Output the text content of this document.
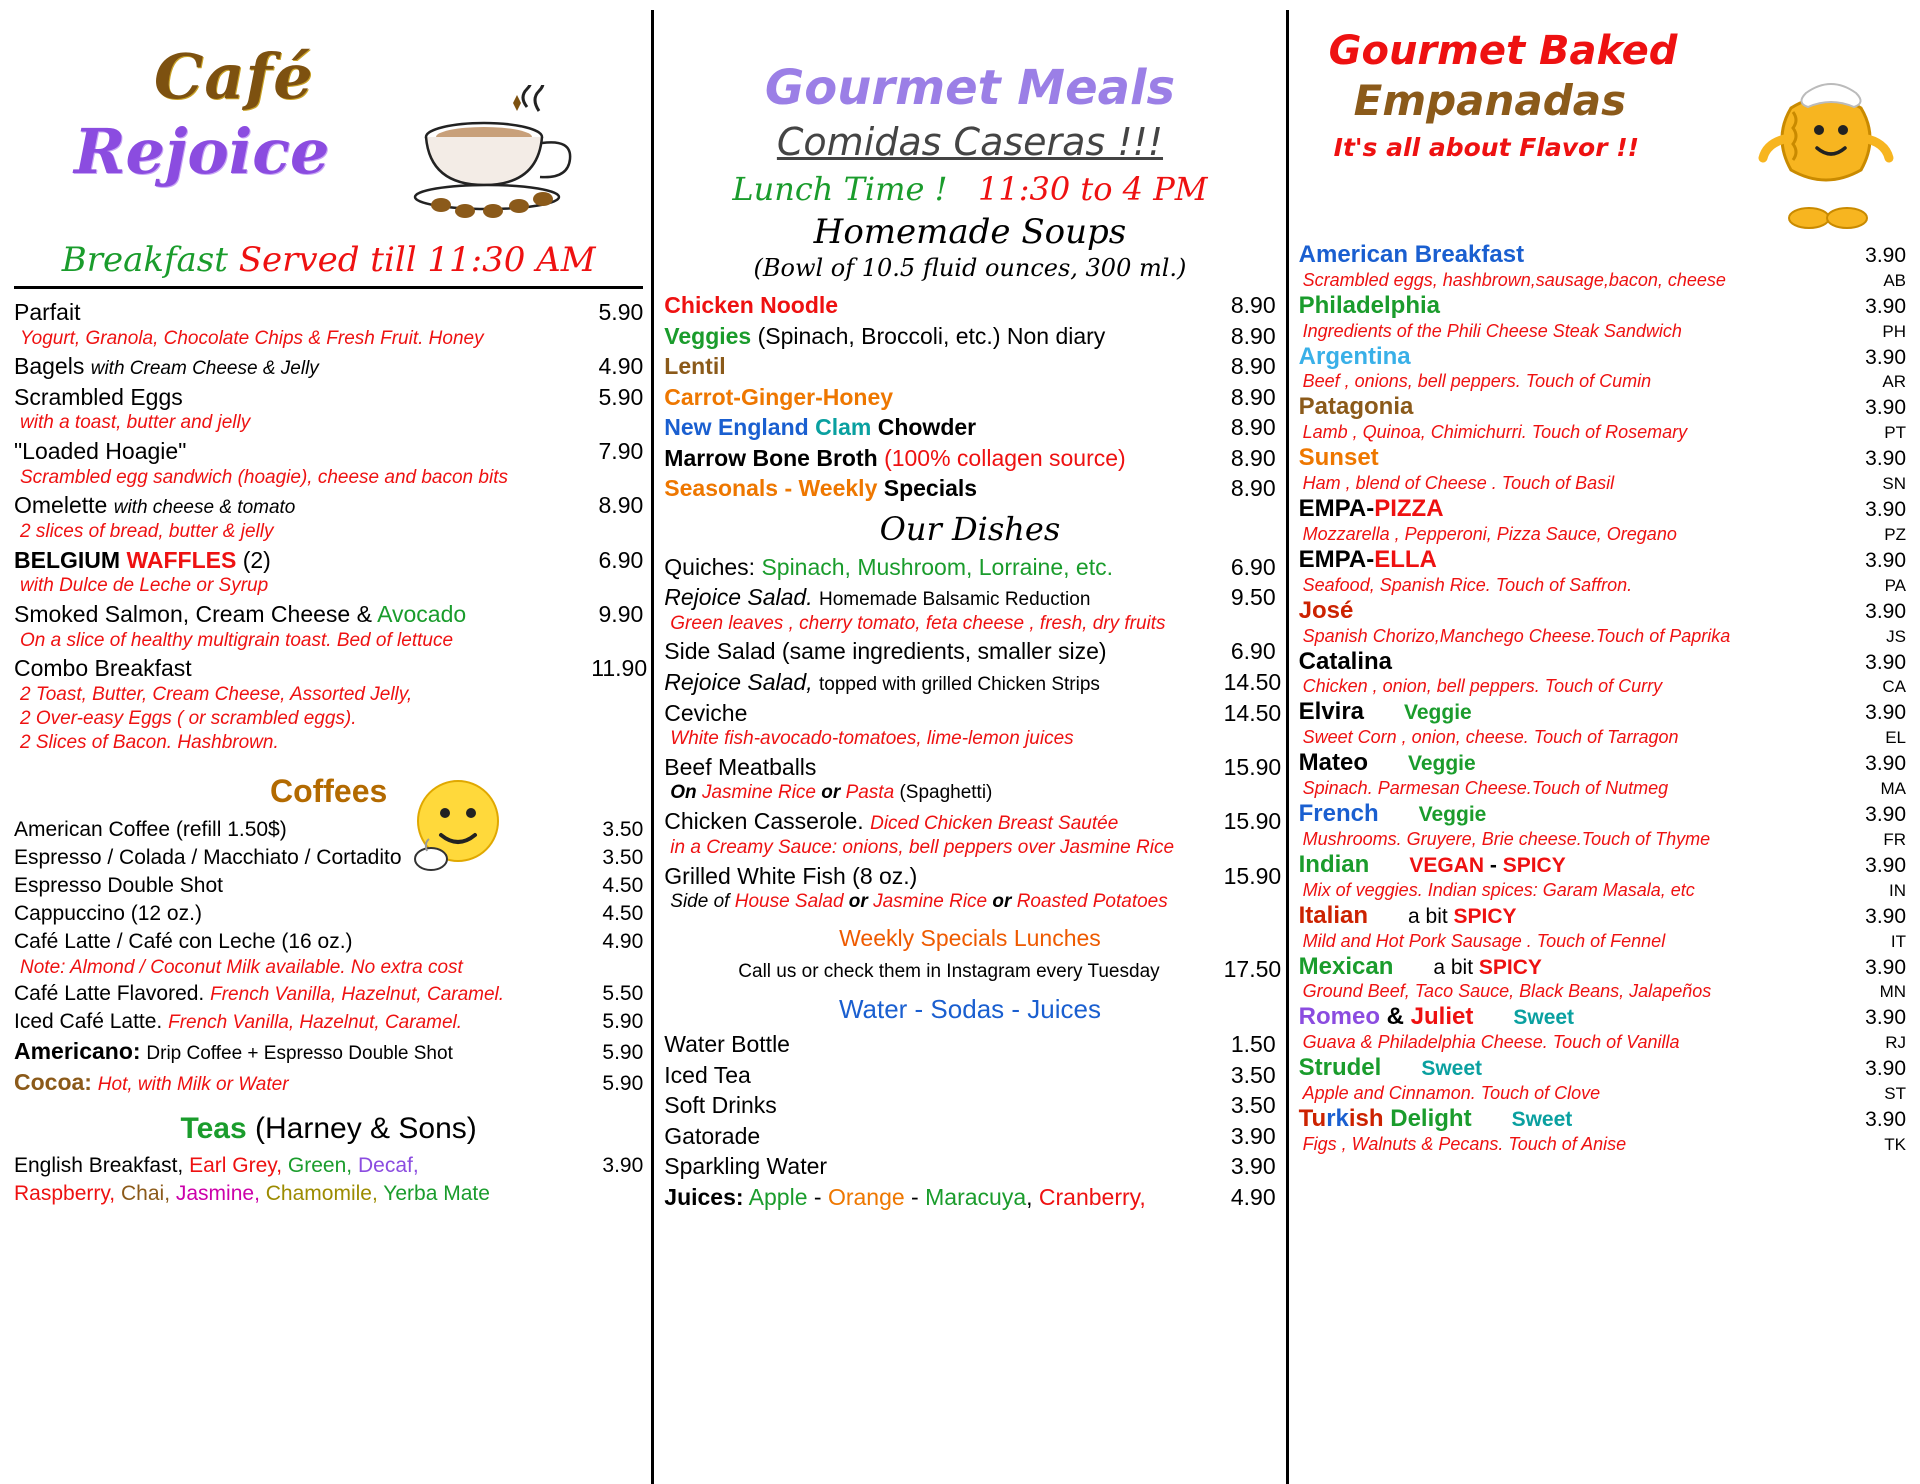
Café
Rejoice
Breakfast Served till 11:30 AM
Parfait	5.90
Yogurt, Granola, Chocolate Chips & Fresh Fruit. Honey
Bagels with Cream Cheese & Jelly	4.90
Scrambled Eggs	5.90
with a toast, butter and jelly
"Loaded Hoagie"	7.90
Scrambled egg sandwich (hoagie), cheese and bacon bits
Omelette with cheese & tomato	8.90
2 slices of bread, butter & jelly
BELGIUM WAFFLES (2)	6.90
with Dulce de Leche or Syrup
Smoked Salmon, Cream Cheese & Avocado	9.90
On a slice of healthy multigrain toast. Bed of lettuce
Combo Breakfast	11.90
2 Toast, Butter, Cream Cheese, Assorted Jelly,
2 Over-easy Eggs ( or scrambled eggs).
2 Slices of Bacon. Hashbrown.
Coffees
American Coffee (refill 1.50$)	3.50
Espresso / Colada / Macchiato / Cortadito	3.50
Espresso Double Shot	4.50
Cappuccino (12 oz.)	4.50
Café Latte / Café con Leche (16 oz.)	4.90
Note: Almond / Coconut Milk available. No extra cost
Café Latte Flavored. French Vanilla, Hazelnut, Caramel.	5.50
Iced Café Latte. French Vanilla, Hazelnut, Caramel.	5.90
Americano: Drip Coffee + Espresso Double Shot	5.90
Cocoa: Hot, with Milk or Water	5.90
Teas (Harney & Sons)
English Breakfast, Earl Grey, Green, Decaf,	3.90
Raspberry, Chai, Jasmine, Chamomile, Yerba Mate
Gourmet Meals
Comidas Caseras !!!
Lunch Time ! 11:30 to 4 PM
Homemade Soups
(Bowl of 10.5 fluid ounces, 300 ml.)
Chicken Noodle	8.90
Veggies (Spinach, Broccoli, etc.) Non diary	8.90
Lentil	8.90
Carrot-Ginger-Honey	8.90
New England Clam Chowder	8.90
Marrow Bone Broth (100% collagen source)	8.90
Seasonals - Weekly Specials	8.90
Our Dishes
Quiches: Spinach, Mushroom, Lorraine, etc.	6.90
Rejoice Salad. Homemade Balsamic Reduction	9.50
Green leaves , cherry tomato, feta cheese , fresh, dry fruits
Side Salad (same ingredients, smaller size)	6.90
Rejoice Salad, topped with grilled Chicken Strips	14.50
Ceviche	14.50
White fish-avocado-tomatoes, lime-lemon juices
Beef Meatballs	15.90
On Jasmine Rice or Pasta (Spaghetti)
Chicken Casserole. Diced Chicken Breast Sautée	15.90
in a Creamy Sauce: onions, bell peppers over Jasmine Rice
Grilled White Fish (8 oz.)	15.90
Side of House Salad or Jasmine Rice or Roasted Potatoes
Weekly Specials Lunches
Call us or check them in Instagram every Tuesday	17.50
Water - Sodas - Juices
Water Bottle	1.50
Iced Tea	3.50
Soft Drinks	3.50
Gatorade	3.90
Sparkling Water	3.90
Juices: Apple - Orange - Maracuya, Cranberry,	4.90
Gourmet Baked
Empanadas
It's all about Flavor !!
American Breakfast	3.90
Scrambled eggs, hashbrown,sausage,bacon, cheese	AB
Philadelphia	3.90
Ingredients of the Phili Cheese Steak Sandwich	PH
Argentina	3.90
Beef , onions, bell peppers. Touch of Cumin	AR
Patagonia	3.90
Lamb , Quinoa, Chimichurri. Touch of Rosemary	PT
Sunset	3.90
Ham , blend of Cheese . Touch of Basil	SN
EMPA-PIZZA	3.90
Mozzarella , Pepperoni, Pizza Sauce, Oregano	PZ
EMPA-ELLA	3.90
Seafood, Spanish Rice. Touch of Saffron.	PA
José	3.90
Spanish Chorizo,Manchego Cheese.Touch of Paprika	JS
Catalina	3.90
Chicken , onion, bell peppers. Touch of Curry	CA
Elvira Veggie	3.90
Sweet Corn , onion, cheese. Touch of Tarragon	EL
Mateo Veggie	3.90
Spinach. Parmesan Cheese.Touch of Nutmeg	MA
French Veggie	3.90
Mushrooms. Gruyere, Brie cheese.Touch of Thyme	FR
Indian VEGAN - SPICY	3.90
Mix of veggies. Indian spices: Garam Masala, etc	IN
Italian a bit SPICY	3.90
Mild and Hot Pork Sausage . Touch of Fennel	IT
Mexican a bit SPICY	3.90
Ground Beef, Taco Sauce, Black Beans, Jalapeños	MN
Romeo & Juliet Sweet	3.90
Guava & Philadelphia Cheese. Touch of Vanilla	RJ
Strudel Sweet	3.90
Apple and Cinnamon. Touch of Clove	ST
Turkish Delight Sweet	3.90
Figs , Walnuts & Pecans. Touch of Anise	TK
